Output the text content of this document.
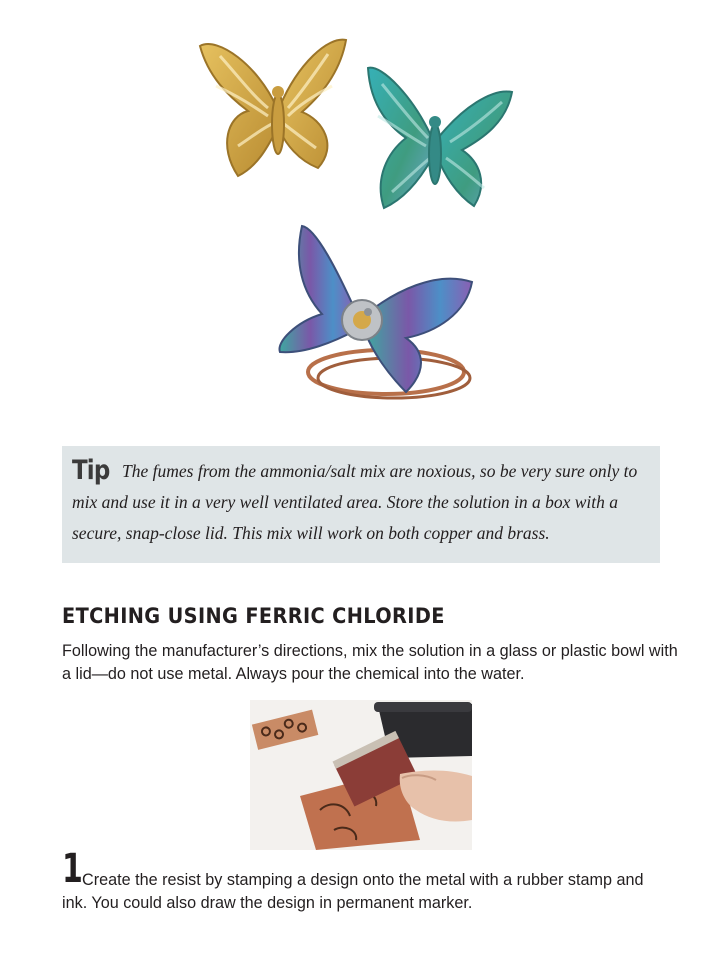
Tip The fumes from the ammonia/salt mix are noxious, so be very sure only to mix and use it in a very well ventilated area. Store the solution in a box with a secure, snap-close lid. This mix will work on both copper and brass.

ETCHING USING FERRIC CHLORIDE

Following the manufacturer’s directions, mix the solution in a glass or plastic bowl with a lid—do not use metal. Always pour the chemical into the water.

1 Create the resist by stamping a design onto the metal with a rubber stamp and ink. You could also draw the design in permanent marker.
